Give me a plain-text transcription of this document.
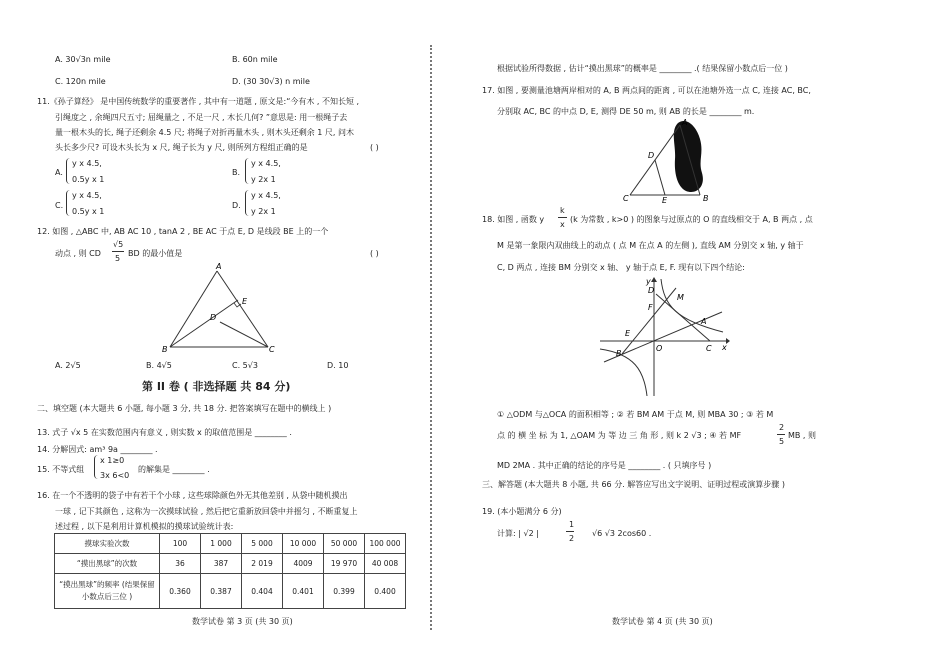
A. 30√3n mile	B. 60n mile
C. 120n mile	D. (30 30√3) n mile
11.《孙子算经》 是中国传统数学的重要著作 , 其中有一道题 , 原文是:“今有木 , 不知长短 ,
引绳度之 , 余绳四尺五寸; 屈绳量之 , 不足一尺 , 木长几何? ”意思是: 用一根绳子去
量一根木头的长, 绳子还剩余 4.5 尺; 将绳子对折再量木头 , 则木头还剩余 1 尺, 问木
头长多少尺? 可设木头长为 x 尺, 绳子长为 y 尺, 则所列方程组正确的是	( )
A.
y x 4.5,
0.5y x 1
B.
y x 4.5,
y 2x 1
C.
y x 4.5,
0.5y x 1
D.
y x 4.5,
y 2x 1
12. 如图 , △ABC 中, AB AC 10 , tanA 2 , BE AC 于点 E, D 是线段 BE 上的一个
动点 , 则 CD
√5
5
BD 的最小值是	( )
A
B	C
D
E
A. 2√5	B. 4√5	C. 5√3	D. 10
第 II 卷 ( 非选择题 共 84 分)
二、填空题 (本大题共 6 小题, 每小题 3 分, 共 18 分. 把答案填写在题中的横线上 )
13. 式子 √x 5 在实数范围内有意义 , 则实数 x 的取值范围是 ________ .
14. 分解因式: am³ 9a ________ .
15. 不等式组
x 1≥0
3x 6<0
的解集是 ________ .
16. 在一个不透明的袋子中有若干个小球 , 这些球除颜色外无其他差别 , 从袋中随机摸出
一球 , 记下其颜色 , 这称为一次摸球试验 , 然后把它重新放回袋中并摇匀 , 不断重复上
述过程 , 以下是利用计算机模拟的摸球试验统计表:
摸球实验次数	100	1 000	5 000	10 000	50 000	100 000
“摸出黑球”的次数	36	387	2 019	4009	19 970	40 008
“摸出黑球”的频率 (结果保留小数点后三位 )	0.360	0.387	0.404	0.401	0.399	0.400
数学试卷 第 3 页 (共 30 页)
根据试验所得数据 , 估计“摸出黑球”的概率是 ________ .( 结果保留小数点后一位 )
17. 如图 , 要测量池塘两岸相对的 A, B 两点间的距离 , 可以在池塘外选一点 C, 连接 AC, BC,
分别取 AC, BC 的中点 D, E, 测得 DE 50 m, 则 AB 的长是 ________ m.
A
B
C
D
E
18. 如图 , 函数 y
k
x
(k 为常数 , k>0 ) 的图象与过原点的 O 的直线相交于 A, B 两点 , 点
M 是第一象限内双曲线上的动点 ( 点 M 在点 A 的左侧 ), 直线 AM 分别交 x 轴, y 轴于
C, D 两点 , 连接 BM 分别交 x 轴、 y 轴于点 E, F. 现有以下四个结论:
y
M
F
D
A
E
O	C x
B
① △ODM 与△OCA 的面积相等 ; ② 若 BM AM 于点 M, 则 MBA 30 ; ③ 若 M
点 的 横 坐 标 为 1, △OAM 为 等 边 三 角 形 , 则 k 2 √3 ; ④ 若 MF
2
5
MB , 则
MD 2MA . 其中正确的结论的序号是 ________ . ( 只填序号 )
三、解答题 (本大题共 8 小题, 共 66 分. 解答应写出文字说明、证明过程或演算步骤 )
19. (本小题满分 6 分)
计算: | √2 |
1
2
√6 √3 2cos60 .
数学试卷 第 4 页 (共 30 页)
